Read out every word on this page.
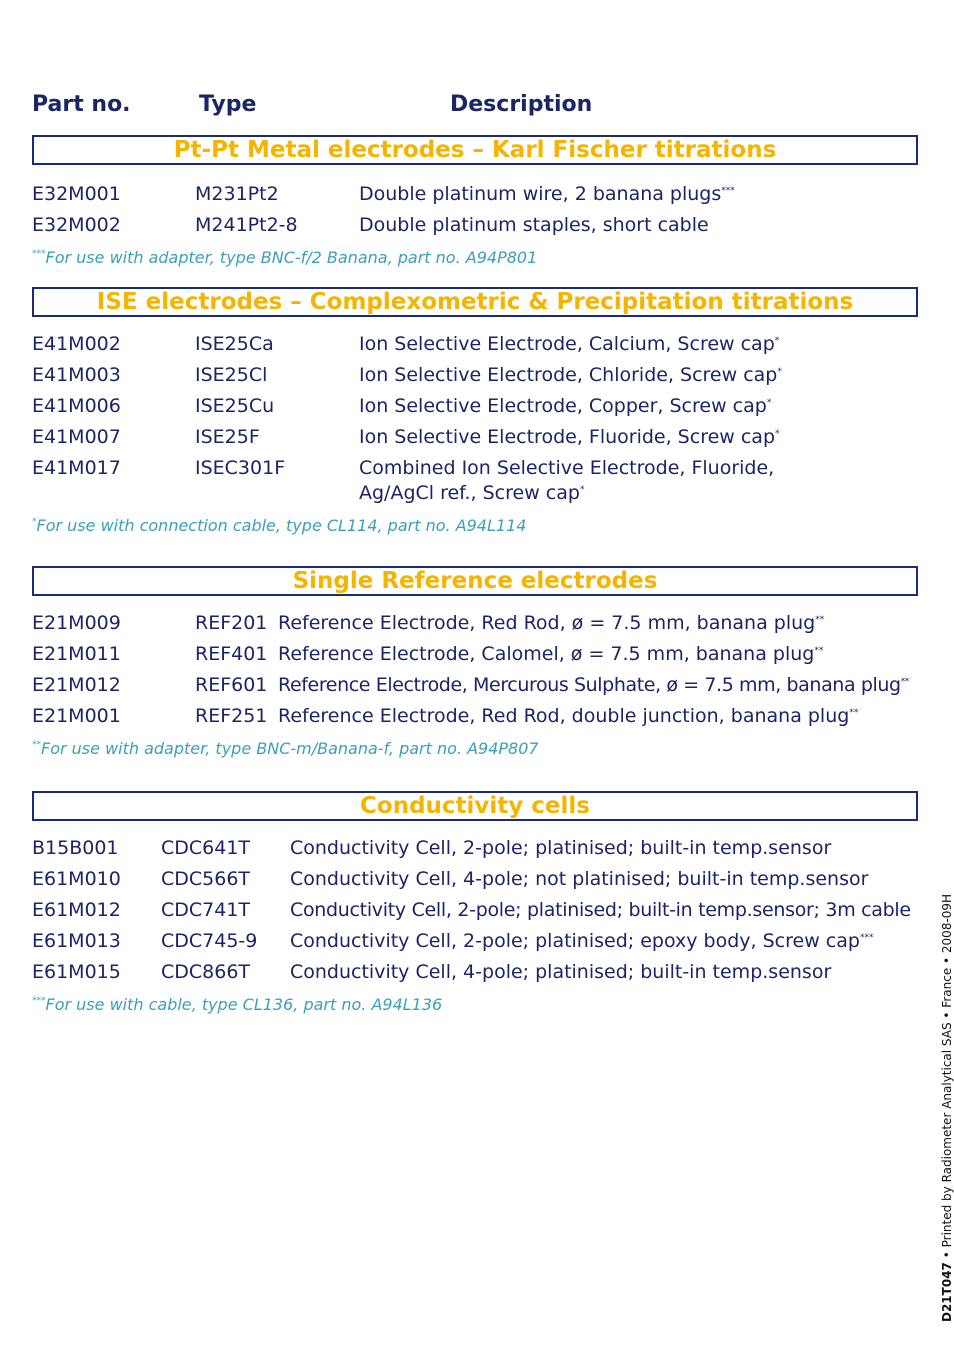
Part no.	Type	Description
Pt-Pt Metal electrodes – Karl Fischer titrations
E32M001	M231Pt2	Double platinum wire, 2 banana plugs***
E32M002	M241Pt2-8	Double platinum staples, short cable
***For use with adapter, type BNC-f/2 Banana, part no. A94P801
ISE electrodes – Complexometric & Precipitation titrations
E41M002	ISE25Ca	Ion Selective Electrode, Calcium, Screw cap*
E41M003	ISE25Cl	Ion Selective Electrode, Chloride, Screw cap*
E41M006	ISE25Cu	Ion Selective Electrode, Copper, Screw cap*
E41M007	ISE25F	Ion Selective Electrode, Fluoride, Screw cap*
E41M017	ISEC301F	Combined Ion Selective Electrode, Fluoride,
Ag/AgCl ref., Screw cap*
*For use with connection cable, type CL114, part no. A94L114
Single Reference electrodes
E21M009	REF201 Reference Electrode, Red Rod, ø = 7.5 mm, banana plug**
E21M011	REF401 Reference Electrode, Calomel, ø = 7.5 mm, banana plug**
E21M012	REF601 Reference Electrode, Mercurous Sulphate, ø = 7.5 mm, banana plug**
E21M001	REF251 Reference Electrode, Red Rod, double junction, banana plug**
**For use with adapter, type BNC-m/Banana-f, part no. A94P807
Conductivity cells
B15B001 CDC641T Conductivity Cell, 2-pole; platinised; built-in temp.sensor
E61M010 CDC566T Conductivity Cell, 4-pole; not platinised; built-in temp.sensor
E61M012 CDC741T Conductivity Cell, 2-pole; platinised; built-in temp.sensor; 3m cable
E61M013 CDC745-9 Conductivity Cell, 2-pole; platinised; epoxy body, Screw cap***
E61M015 CDC866T Conductivity Cell, 4-pole; platinised; built-in temp.sensor
***For use with cable, type CL136, part no. A94L136
D21T047 • Printed by Radiometer Analytical SAS • France • 2008-09H
